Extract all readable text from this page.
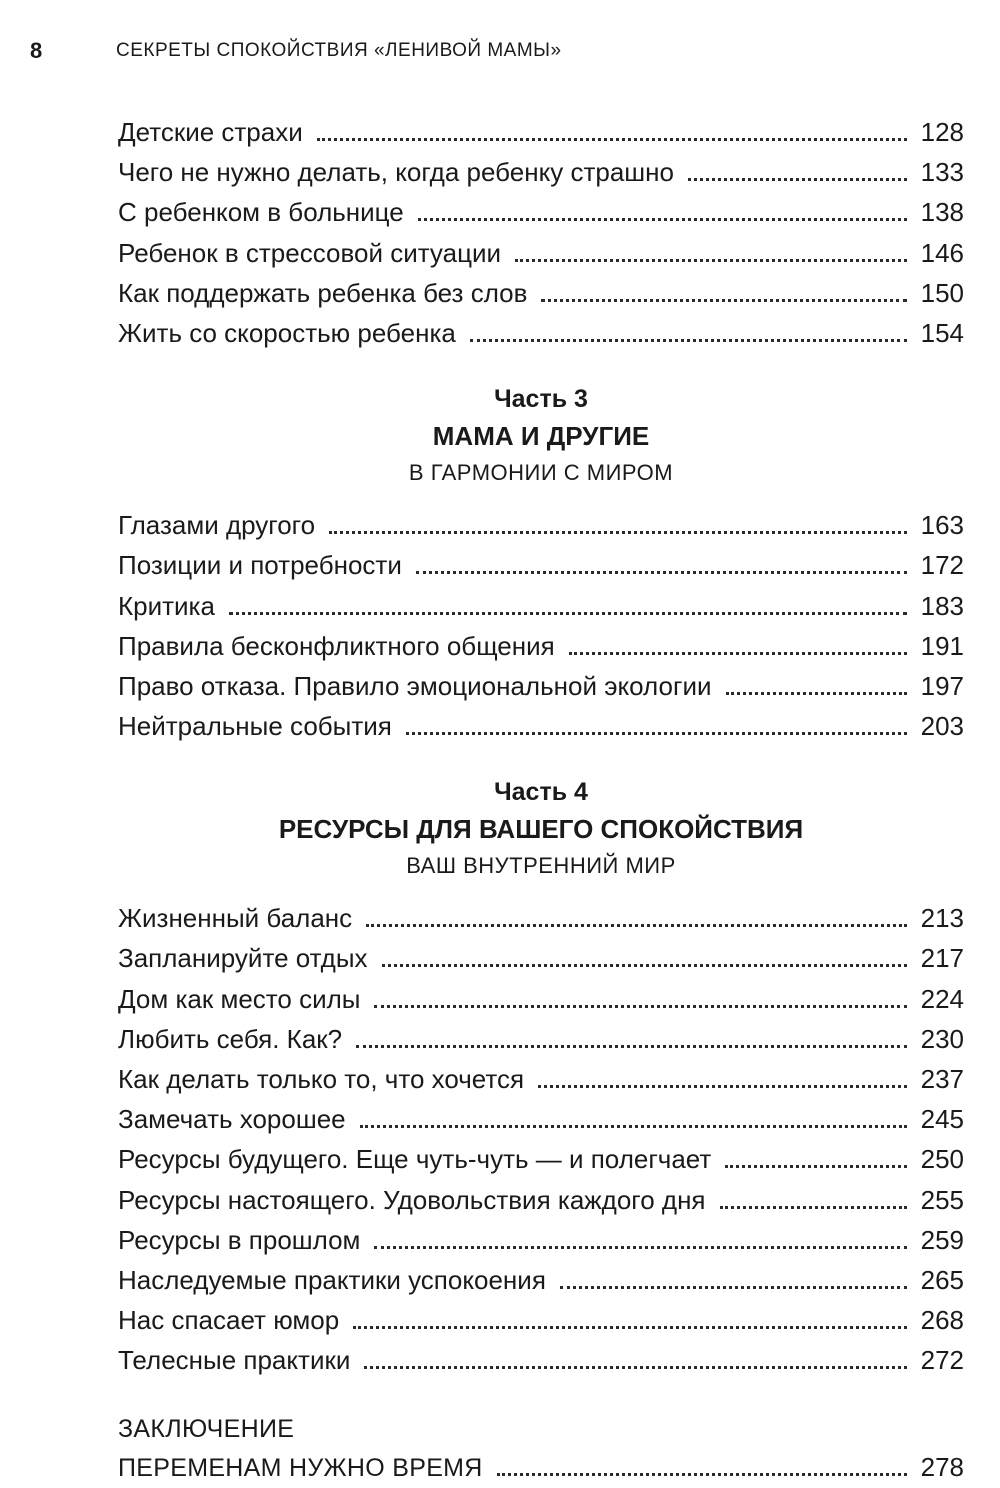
8	СЕКРЕТЫ СПОКОЙСТВИЯ «ЛЕНИВОЙ МАМЫ»
Детские страхи	128
Чего не нужно делать, когда ребенку страшно	133
С ребенком в больнице	138
Ребенок в стрессовой ситуации	146
Как поддержать ребенка без слов	150
Жить со скоростью ребенка	154
Часть 3
МАМА И ДРУГИЕ
В ГАРМОНИИ С МИРОМ
Глазами другого	163
Позиции и потребности	172
Критика	183
Правила бесконфликтного общения	191
Право отказа. Правило эмоциональной экологии	197
Нейтральные события	203
Часть 4
РЕСУРСЫ ДЛЯ ВАШЕГО СПОКОЙСТВИЯ
ВАШ ВНУТРЕННИЙ МИР
Жизненный баланс	213
Запланируйте отдых	217
Дом как место силы	224
Любить себя. Как?	230
Как делать только то, что хочется	237
Замечать хорошее	245
Ресурсы будущего. Еще чуть-чуть — и полегчает	250
Ресурсы настоящего. Удовольствия каждого дня	255
Ресурсы в прошлом	259
Наследуемые практики успокоения	265
Нас спасает юмор	268
Телесные практики	272
ЗАКЛЮЧЕНИЕ
ПЕРЕМЕНАМ НУЖНО ВРЕМЯ	278
